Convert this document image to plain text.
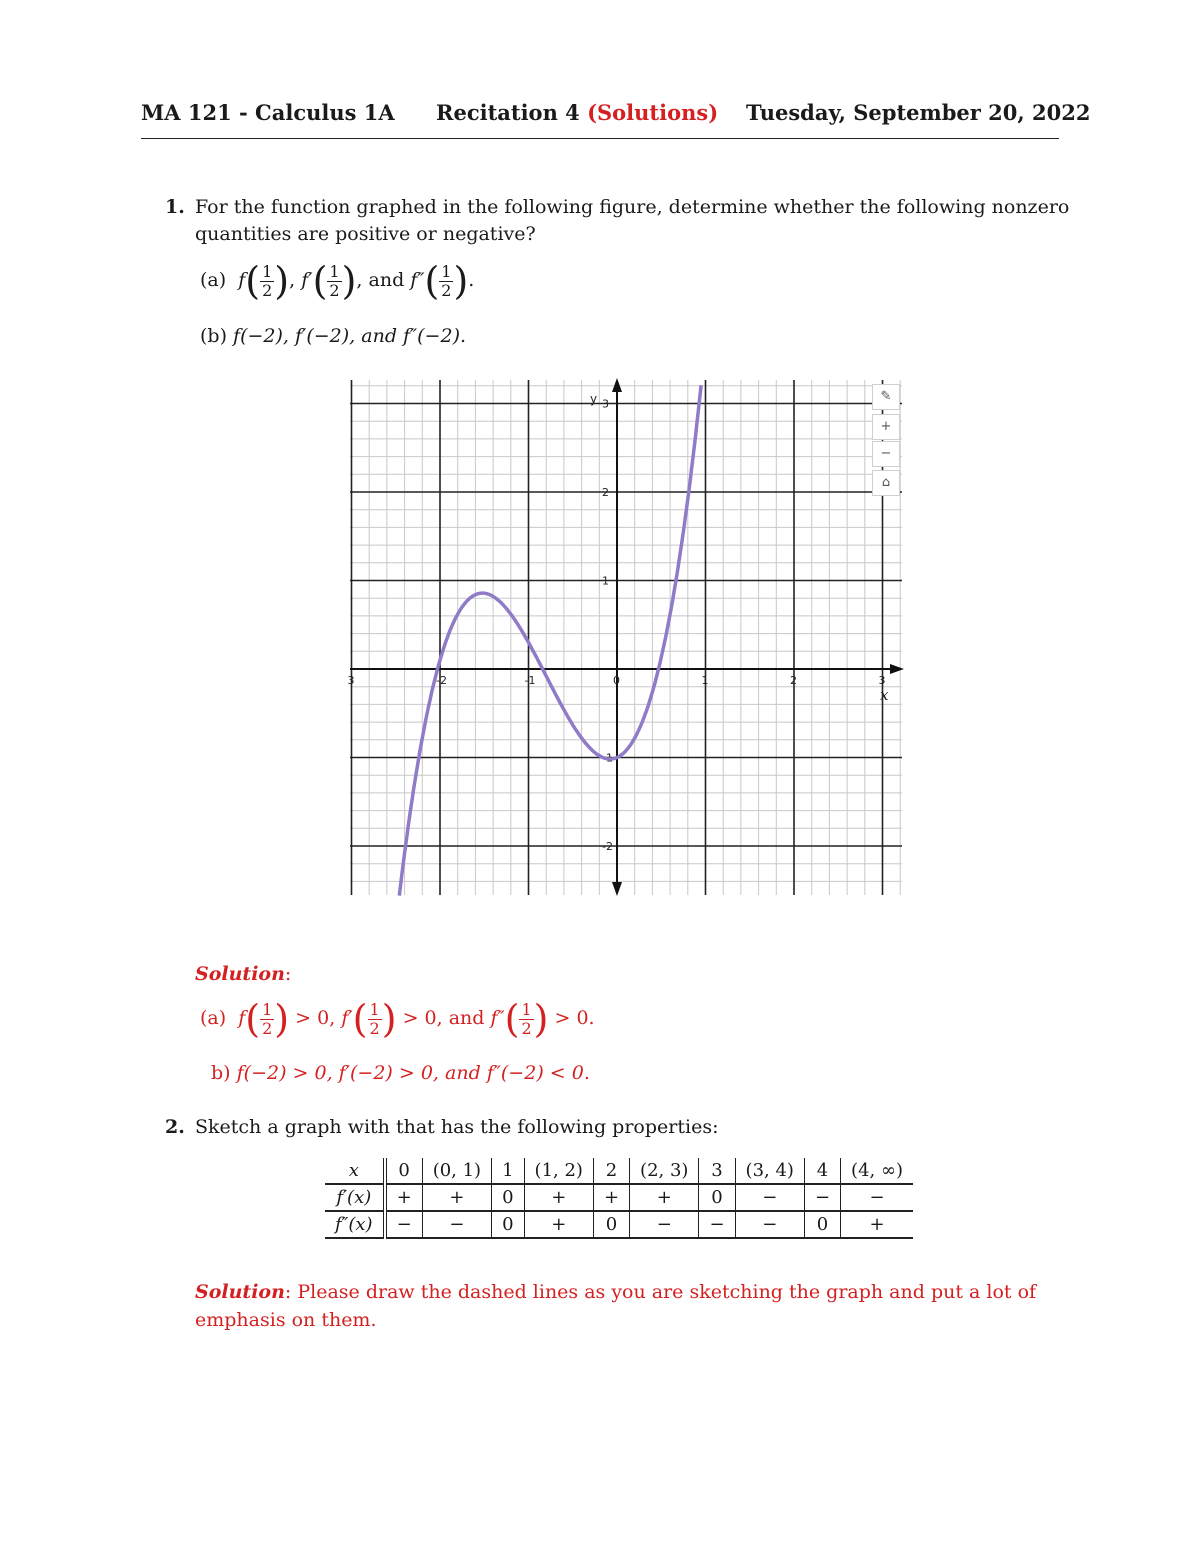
MA 121 - Calculus 1A Recitation 4 (Solutions) Tuesday, September 20, 2022
1. For the function graphed in the following figure, determine whether the following nonzero
quantities are positive or negative?
(a)  $f( \frac{1}{2}$ ), $f'( \frac{1}{2}$ ), and $f''( \frac{1}{2}$ ).
(b) f(−2), f′(−2), and f″(−2).
3	-2	-1	0	1	2	3
3
2
1
-1
-2
x
y	✎
+
−
⌂
Solution:
(a)  $f( \frac{1}{2}$ ) > 0, $f'( \frac{1}{2}$ ) > 0, and $f''( \frac{1}{2}$ ) > 0.
b) f(−2) > 0, f′(−2) > 0, and f″(−2) < 0.
2. Sketch a graph with that has the following properties:
x	0	(0, 1)	1	(1, 2)	2	(2, 3)	3	(3, 4)	4	(4, ∞)
f′(x)	+	+	0	+	+	+	0	−	−	−
f″(x)	−	−	0	+	0	−	−	−	0	+
Solution: Please draw the dashed lines as you are sketching the graph and put a lot of
emphasis on them.
